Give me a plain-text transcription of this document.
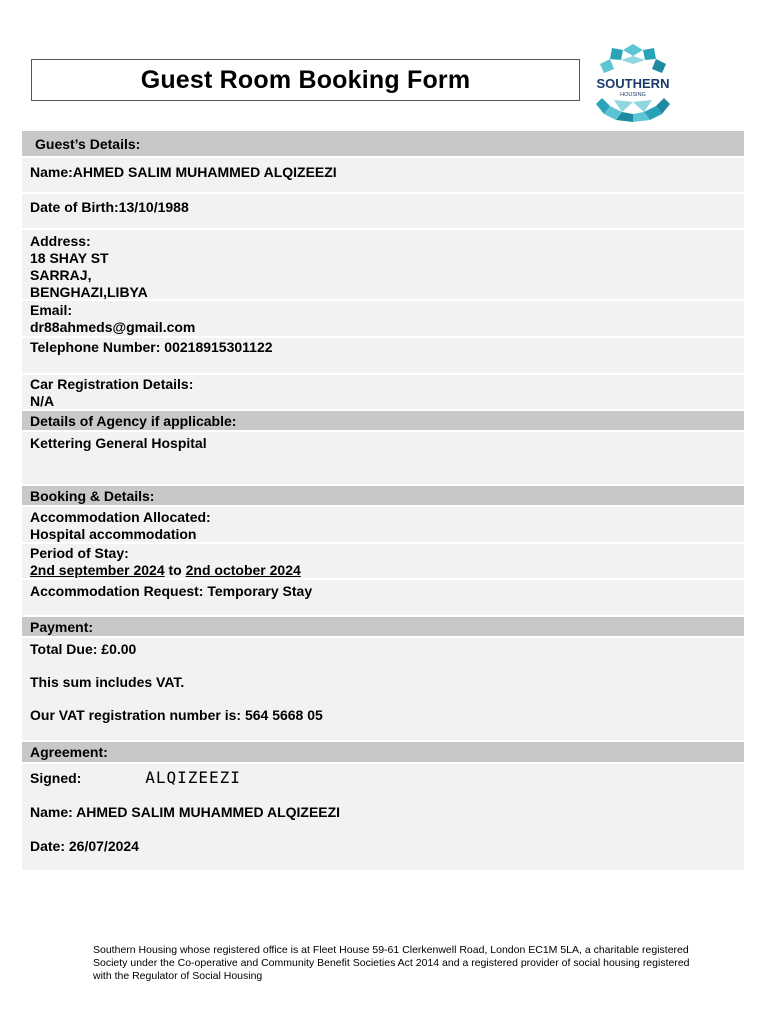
Guest Room Booking Form	SOUTHERN
HOUSING
Guest’s Details:
Name:AHMED SALIM MUHAMMED ALQIZEEZI
Date of Birth:13/10/1988
Address:
18 SHAY ST
SARRAJ,
BENGHAZI,LIBYA
Email:
dr88ahmeds@gmail.com
Telephone Number: 00218915301122
Car Registration Details:
N/A
Details of Agency if applicable:
Kettering General Hospital
Booking & Details:
Accommodation Allocated:
Hospital accommodation
Period of Stay:
2nd september 2024 to 2nd october 2024
Accommodation Request: Temporary Stay
Payment:
Total Due: £0.00
This sum includes VAT.
Our VAT registration number is: 564 5668 05
Agreement:
Signed:	ALQIZEEZI
Name: AHMED SALIM MUHAMMED ALQIZEEZI
Date: 26/07/2024
Southern Housing whose registered office is at Fleet House 59-61 Clerkenwell Road, London EC1M 5LA, a charitable registered Society under the Co-operative and Community Benefit Societies Act 2014 and a registered provider of social housing registered with the Regulator of Social Housing
